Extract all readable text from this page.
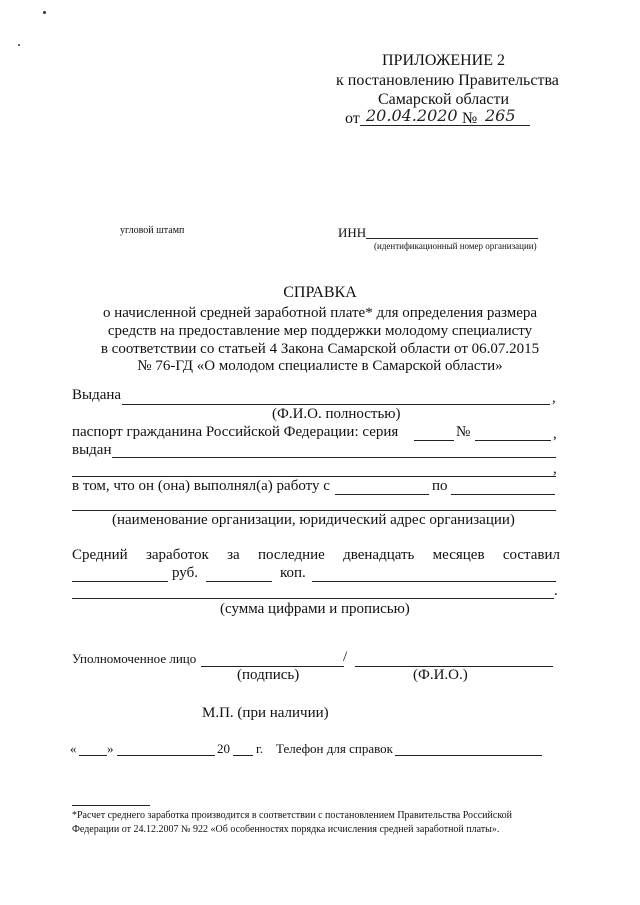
ПРИЛОЖЕНИЕ 2
к постановлению Правительства
Самарской области
от 20.04.2020 № 265
угловой штамп	ИНН
(идентификационный номер организации)
СПРАВКА
о начисленной средней заработной плате* для определения размера
средств на предоставление мер поддержки молодому специалисту
в соответствии со статьей 4 Закона Самарской области от 06.07.2015
№ 76-ГД «О молодом специалисте в Самарской области»
Выдана	,
(Ф.И.О. полностью)
паспорт гражданина Российской Федерации: серия	№	,
выдан
,
в том, что он (она) выполнял(а) работу с	по
(наименование организации, юридический адрес организации)
Средний заработок за последние двенадцать месяцев составил
руб.	коп.
.
(сумма цифрами и прописью)
Уполномоченное лицо	/
(подпись)	(Ф.И.О.)
М.П. (при наличии)
« »	20 г. Телефон для справок
*Расчет среднего заработка производится в соответствии с постановлением Правительства Российской
Федерации от 24.12.2007 № 922 «Об особенностях порядка исчисления средней заработной платы».
